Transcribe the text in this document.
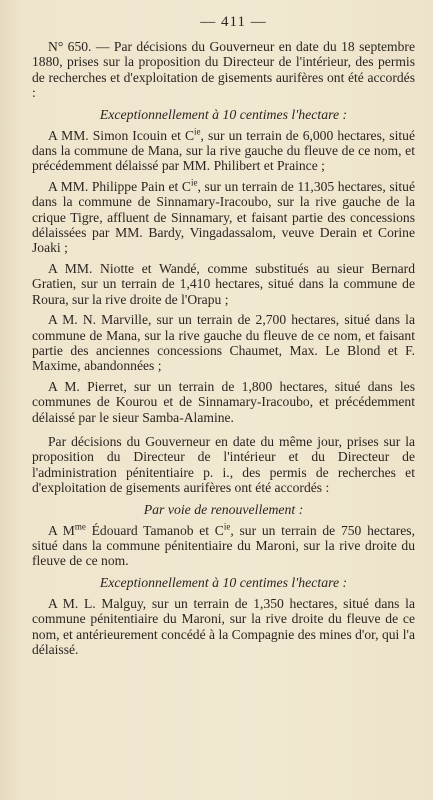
— 411 —

N° 650. — Par décisions du Gouverneur en date du 18 septembre 1880, prises sur la proposition du Directeur de l'intérieur, des permis de recherches et d'exploitation de gisements aurifères ont été accordés :

Exceptionnellement à 10 centimes l'hectare :

A MM. Simon Icouin et $C^{ie}$, sur un terrain de 6,000 hectares, situé dans la commune de Mana, sur la rive gauche du fleuve de ce nom, et précédemment délaissé par MM. Philibert et Praince ;

A MM. Philippe Pain et $C^{ie}$, sur un terrain de 11,305 hectares, situé dans la commune de Sinnamary-Iracoubo, sur la rive gauche de la crique Tigre, affluent de Sinnamary, et faisant partie des concessions délaissées par MM. Bardy, Vingadassalom, veuve Derain et Corine Joaki ;

A MM. Niotte et Wandé, comme substitués au sieur Bernard Gratien, sur un terrain de 1,410 hectares, situé dans la commune de Roura, sur la rive droite de l'Orapu ;

A M. N. Marville, sur un terrain de 2,700 hectares, situé dans la commune de Mana, sur la rive gauche du fleuve de ce nom, et faisant partie des anciennes concessions Chaumet, Max. Le Blond et F. Maxime, abandonnées ;

A M. Pierret, sur un terrain de 1,800 hectares, situé dans les communes de Kourou et de Sinnamary-Iracoubo, et précédemment délaissé par le sieur Samba-Alamine.

Par décisions du Gouverneur en date du même jour, prises sur la proposition du Directeur de l'intérieur et du Directeur de l'administration pénitentiaire p. i., des permis de recherches et d'exploitation de gisements aurifères ont été accordés :

Par voie de renouvellement :

A $M^{me}$ Édouard Tamanob et $C^{ie}$, sur un terrain de 750 hectares, situé dans la commune pénitentiaire du Maroni, sur la rive droite du fleuve de ce nom.

Exceptionnellement à 10 centimes l'hectare :

A M. L. Malguy, sur un terrain de 1,350 hectares, situé dans la commune pénitentiaire du Maroni, sur la rive droite du fleuve de ce nom, et antérieurement concédé à la Compagnie des mines d'or, qui l'a délaissé.
